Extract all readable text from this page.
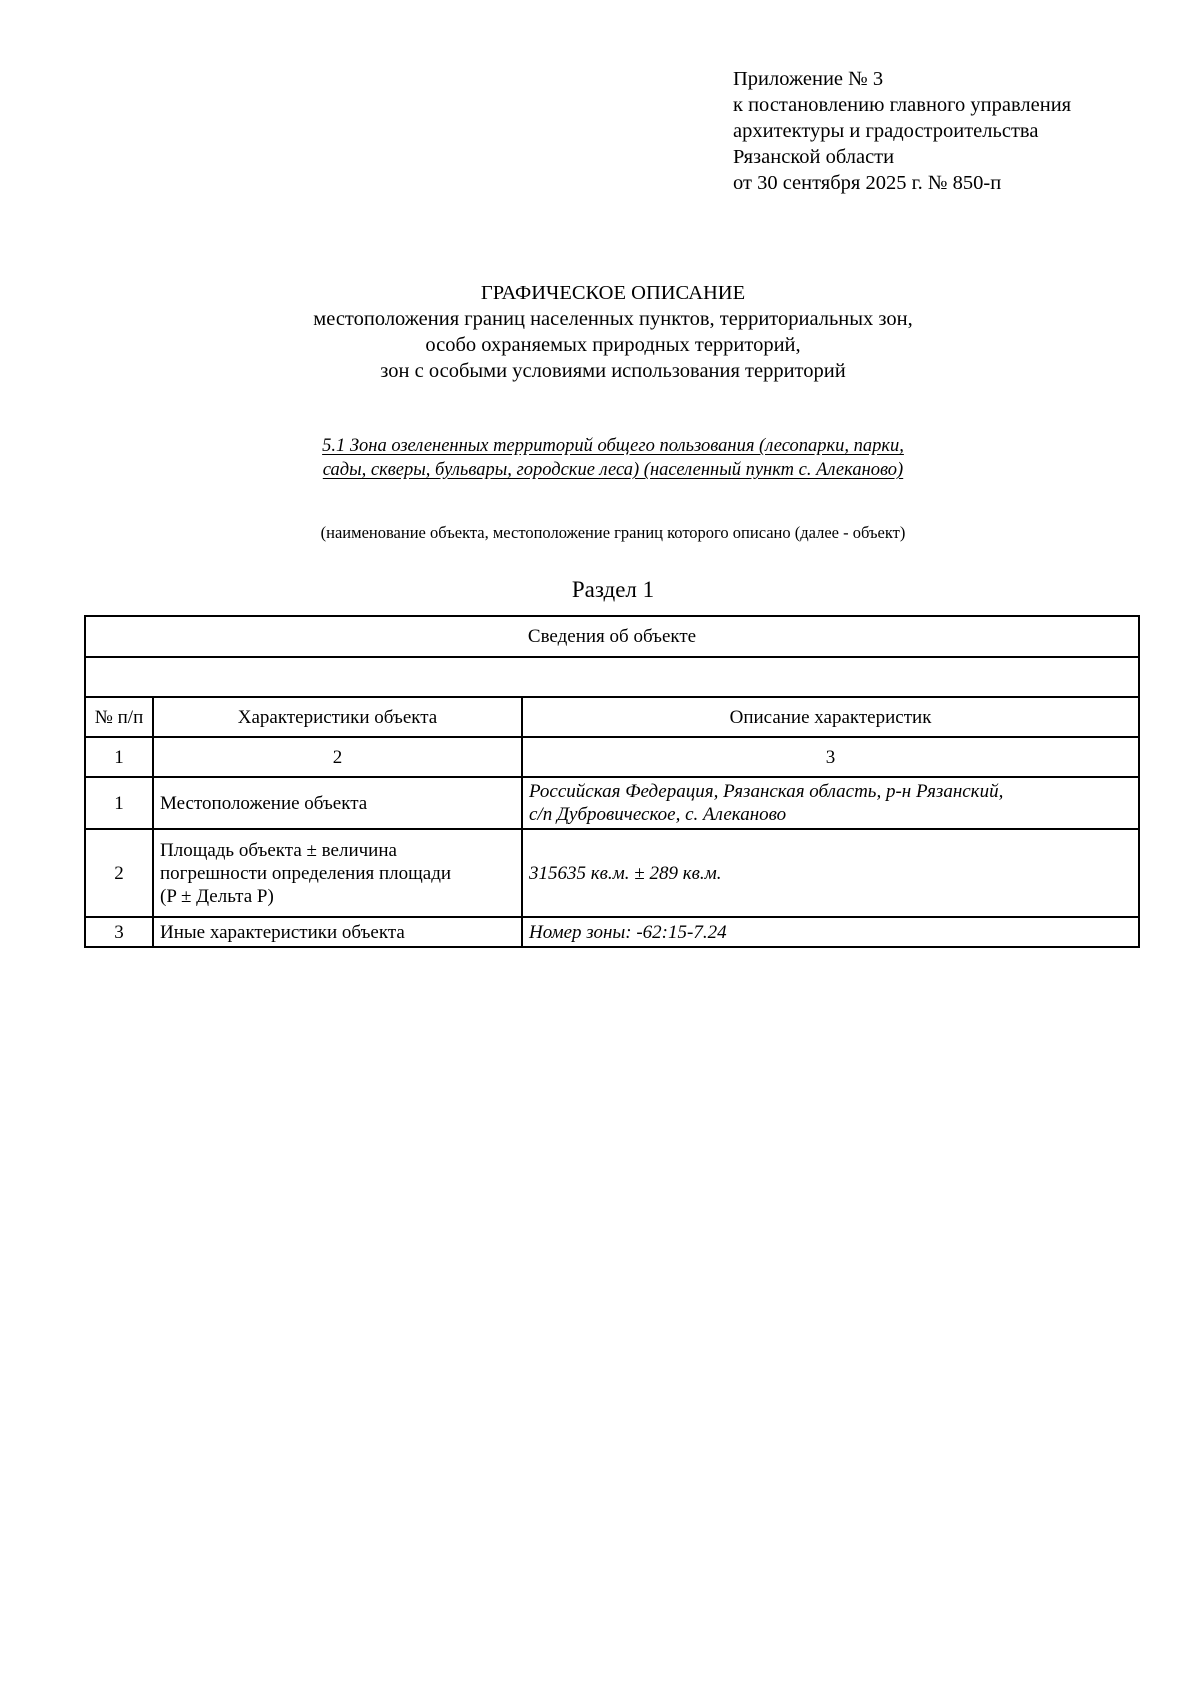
Приложение № 3
к постановлению главного управления
архитектуры и градостроительства
Рязанской области
от 30 сентября 2025 г. № 850-п
ГРАФИЧЕСКОЕ ОПИСАНИЕ
местоположения границ населенных пунктов, территориальных зон,
особо охраняемых природных территорий,
зон с особыми условиями использования территорий
5.1 Зона озелененных территорий общего пользования (лесопарки, парки,
сады, скверы, бульвары, городские леса) (населенный пункт с. Алеканово)
(наименование объекта, местоположение границ которого описано (далее - объект)
Раздел 1
Сведения об объекте		

№ п/п	Характеристики объекта	Описание характеристик
1	2	3
1	Местоположение объекта	Российская Федерация, Рязанская область, р-н Рязанский,
с/п Дубровическое, с. Алеканово

2	Площадь объекта ± величина
погрешности определения площади
(P ± Дельта P)	315635 кв.м. ± 289 кв.м.
3	Иные характеристики объекта	Номер зоны: -62:15-7.24
